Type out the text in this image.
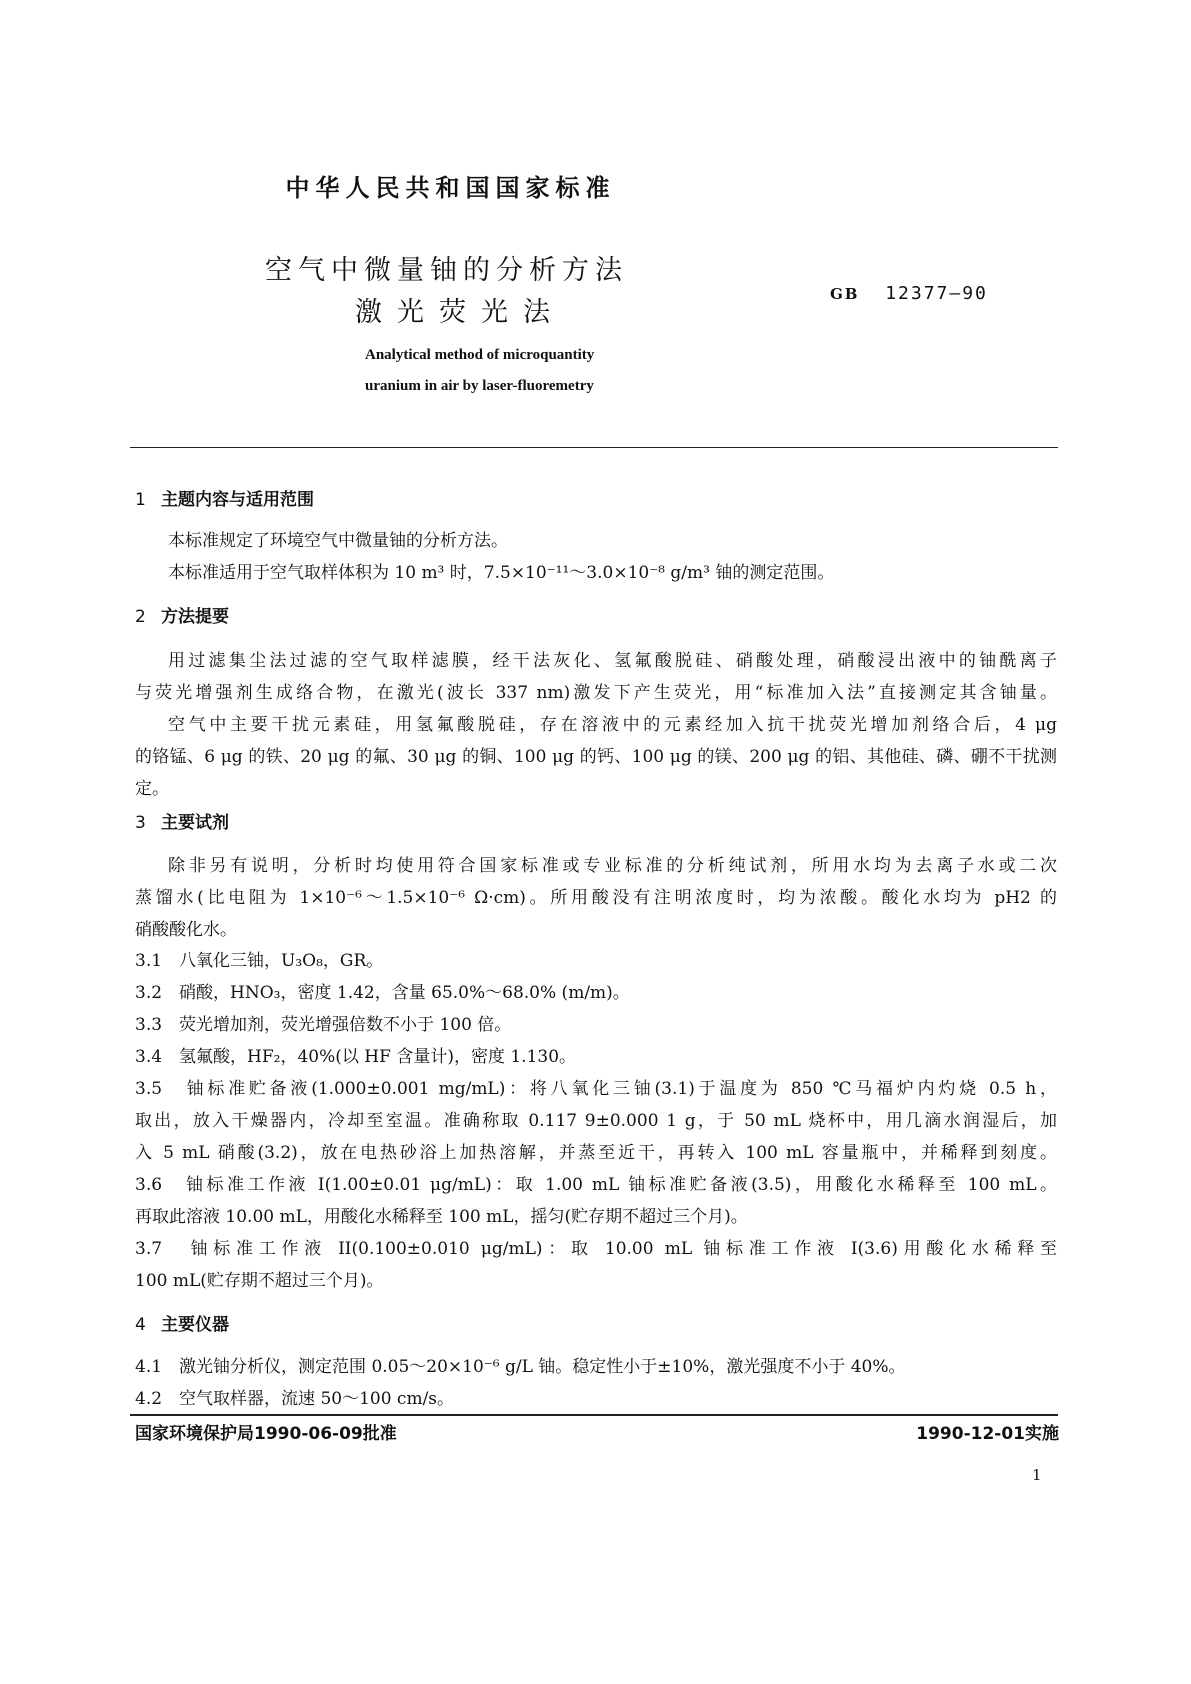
中华人民共和国国家标准
空气中微量铀的分析方法
激光荧光法
GB 12377—90
Analytical method of microquantity
uranium in air by laser-fluoremetry
1 主题内容与适用范围
本标准规定了环境空气中微量铀的分析方法。
本标准适用于空气取样体积为 10 m³ 时，7.5×10⁻¹¹～3.0×10⁻⁸ g/m³ 铀的测定范围。
2 方法提要
用过滤集尘法过滤的空气取样滤膜，经干法灰化、氢氟酸脱硅、硝酸处理，硝酸浸出液中的铀酰离子
与荧光增强剂生成络合物，在激光(波长 337 nm)激发下产生荧光，用“标准加入法”直接测定其含铀量。
空气中主要干扰元素硅，用氢氟酸脱硅，存在溶液中的元素经加入抗干扰荧光增加剂络合后，4 μg
的铬锰、6 μg 的铁、20 μg 的氟、30 μg 的铜、100 μg 的钙、100 μg 的镁、200 μg 的铝、其他硅、磷、硼不干扰测
定。
3 主要试剂
除非另有说明，分析时均使用符合国家标准或专业标准的分析纯试剂，所用水均为去离子水或二次
蒸馏水(比电阻为 1×10⁻⁶～1.5×10⁻⁶ Ω·cm)。所用酸没有注明浓度时，均为浓酸。酸化水均为 pH2 的
硝酸酸化水。
3.1　八氧化三铀，U₃O₈，GR。
3.2　硝酸，HNO₃，密度 1.42，含量 65.0%～68.0% (m/m)。
3.3　荧光增加剂，荧光增强倍数不小于 100 倍。
3.4　氢氟酸，HF₂，40%(以 HF 含量计)，密度 1.130。
3.5　铀标准贮备液(1.000±0.001 mg/mL)：将八氧化三铀(3.1)于温度为 850 ℃马福炉内灼烧 0.5 h，
取出，放入干燥器内，冷却至室温。准确称取 0.117 9±0.000 1 g，于 50 mL 烧杯中，用几滴水润湿后，加
入 5 mL 硝酸(3.2)，放在电热砂浴上加热溶解，并蒸至近干，再转入 100 mL 容量瓶中，并稀释到刻度。
3.6　铀标准工作液 I(1.00±0.01 μg/mL)：取 1.00 mL 铀标准贮备液(3.5)，用酸化水稀释至 100 mL。
再取此溶液 10.00 mL，用酸化水稀释至 100 mL，摇匀(贮存期不超过三个月)。
3.7　铀标准工作液 II(0.100±0.010 μg/mL)：取 10.00 mL 铀标准工作液 I(3.6)用酸化水稀释至
100 mL(贮存期不超过三个月)。
4 主要仪器
4.1　激光铀分析仪，测定范围 0.05～20×10⁻⁶ g/L 铀。稳定性小于±10%，激光强度不小于 40%。
4.2　空气取样器，流速 50～100 cm/s。
国家环境保护局1990-06-09批准	1990-12-01实施
1
